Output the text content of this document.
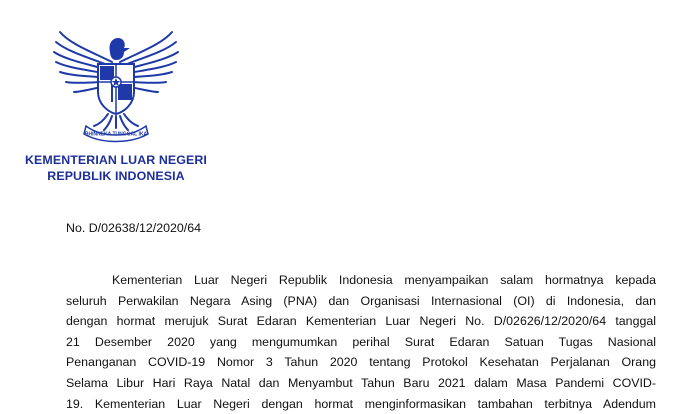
BHINNEKA TUNGGAL IKA
KEMENTERIAN LUAR NEGERI
REPUBLIK INDONESIA
No. D/02638/12/2020/64
Kementerian Luar Negeri Republik Indonesia menyampaikan salam hormatnya kepada
seluruh Perwakilan Negara Asing (PNA) dan Organisasi Internasional (OI) di Indonesia, dan
dengan hormat merujuk Surat Edaran Kementerian Luar Negeri No. D/02626/12/2020/64 tanggal
21 Desember 2020 yang mengumumkan perihal Surat Edaran Satuan Tugas Nasional
Penanganan COVID-19 Nomor 3 Tahun 2020 tentang Protokol Kesehatan Perjalanan Orang
Selama Libur Hari Raya Natal dan Menyambut Tahun Baru 2021 dalam Masa Pandemi COVID-
19. Kementerian Luar Negeri dengan hormat menginformasikan tambahan terbitnya Adendum
